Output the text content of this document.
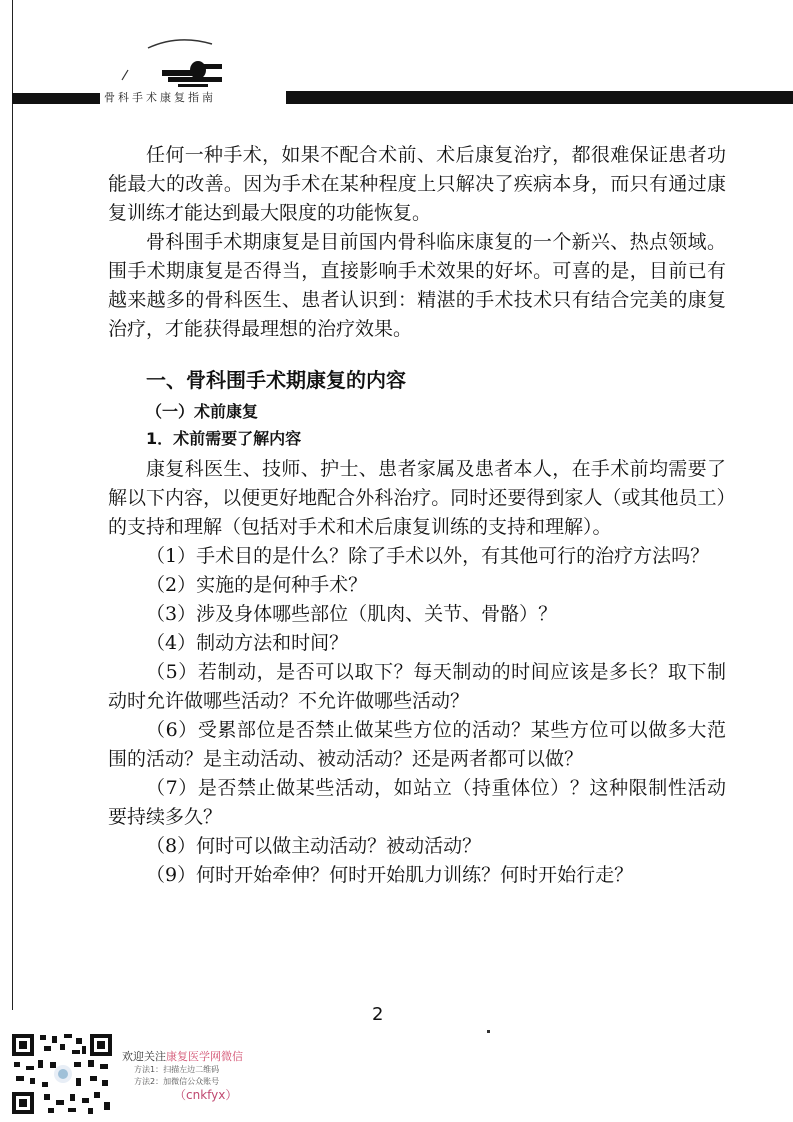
骨科手术康复指南

任何一种手术，如果不配合术前、术后康复治疗，都很难保证患者功能最大的改善。因为手术在某种程度上只解决了疾病本身，而只有通过康复训练才能达到最大限度的功能恢复。

骨科围手术期康复是目前国内骨科临床康复的一个新兴、热点领域。围手术期康复是否得当，直接影响手术效果的好坏。可喜的是，目前已有越来越多的骨科医生、患者认识到：精湛的手术技术只有结合完美的康复治疗，才能获得最理想的治疗效果。

一、骨科围手术期康复的内容
（一）术前康复
1．术前需要了解内容

康复科医生、技师、护士、患者家属及患者本人，在手术前均需要了解以下内容，以便更好地配合外科治疗。同时还要得到家人（或其他员工）的支持和理解（包括对手术和术后康复训练的支持和理解）。

（1）手术目的是什么？除了手术以外，有其他可行的治疗方法吗？

（2）实施的是何种手术？

（3）涉及身体哪些部位（肌肉、关节、骨骼）？

（4）制动方法和时间？

（5）若制动，是否可以取下？每天制动的时间应该是多长？取下制动时允许做哪些活动？不允许做哪些活动？

（6）受累部位是否禁止做某些方位的活动？某些方位可以做多大范围的活动？是主动活动、被动活动？还是两者都可以做？

（7）是否禁止做某些活动，如站立（持重体位）？这种限制性活动要持续多久？

（8）何时可以做主动活动？被动活动？

（9）何时开始牵伸？何时开始肌力训练？何时开始行走？

2
欢迎关注康复医学网微信
方法1：扫描左边二维码
方法2：加微信公众账号
（cnkfyx）
